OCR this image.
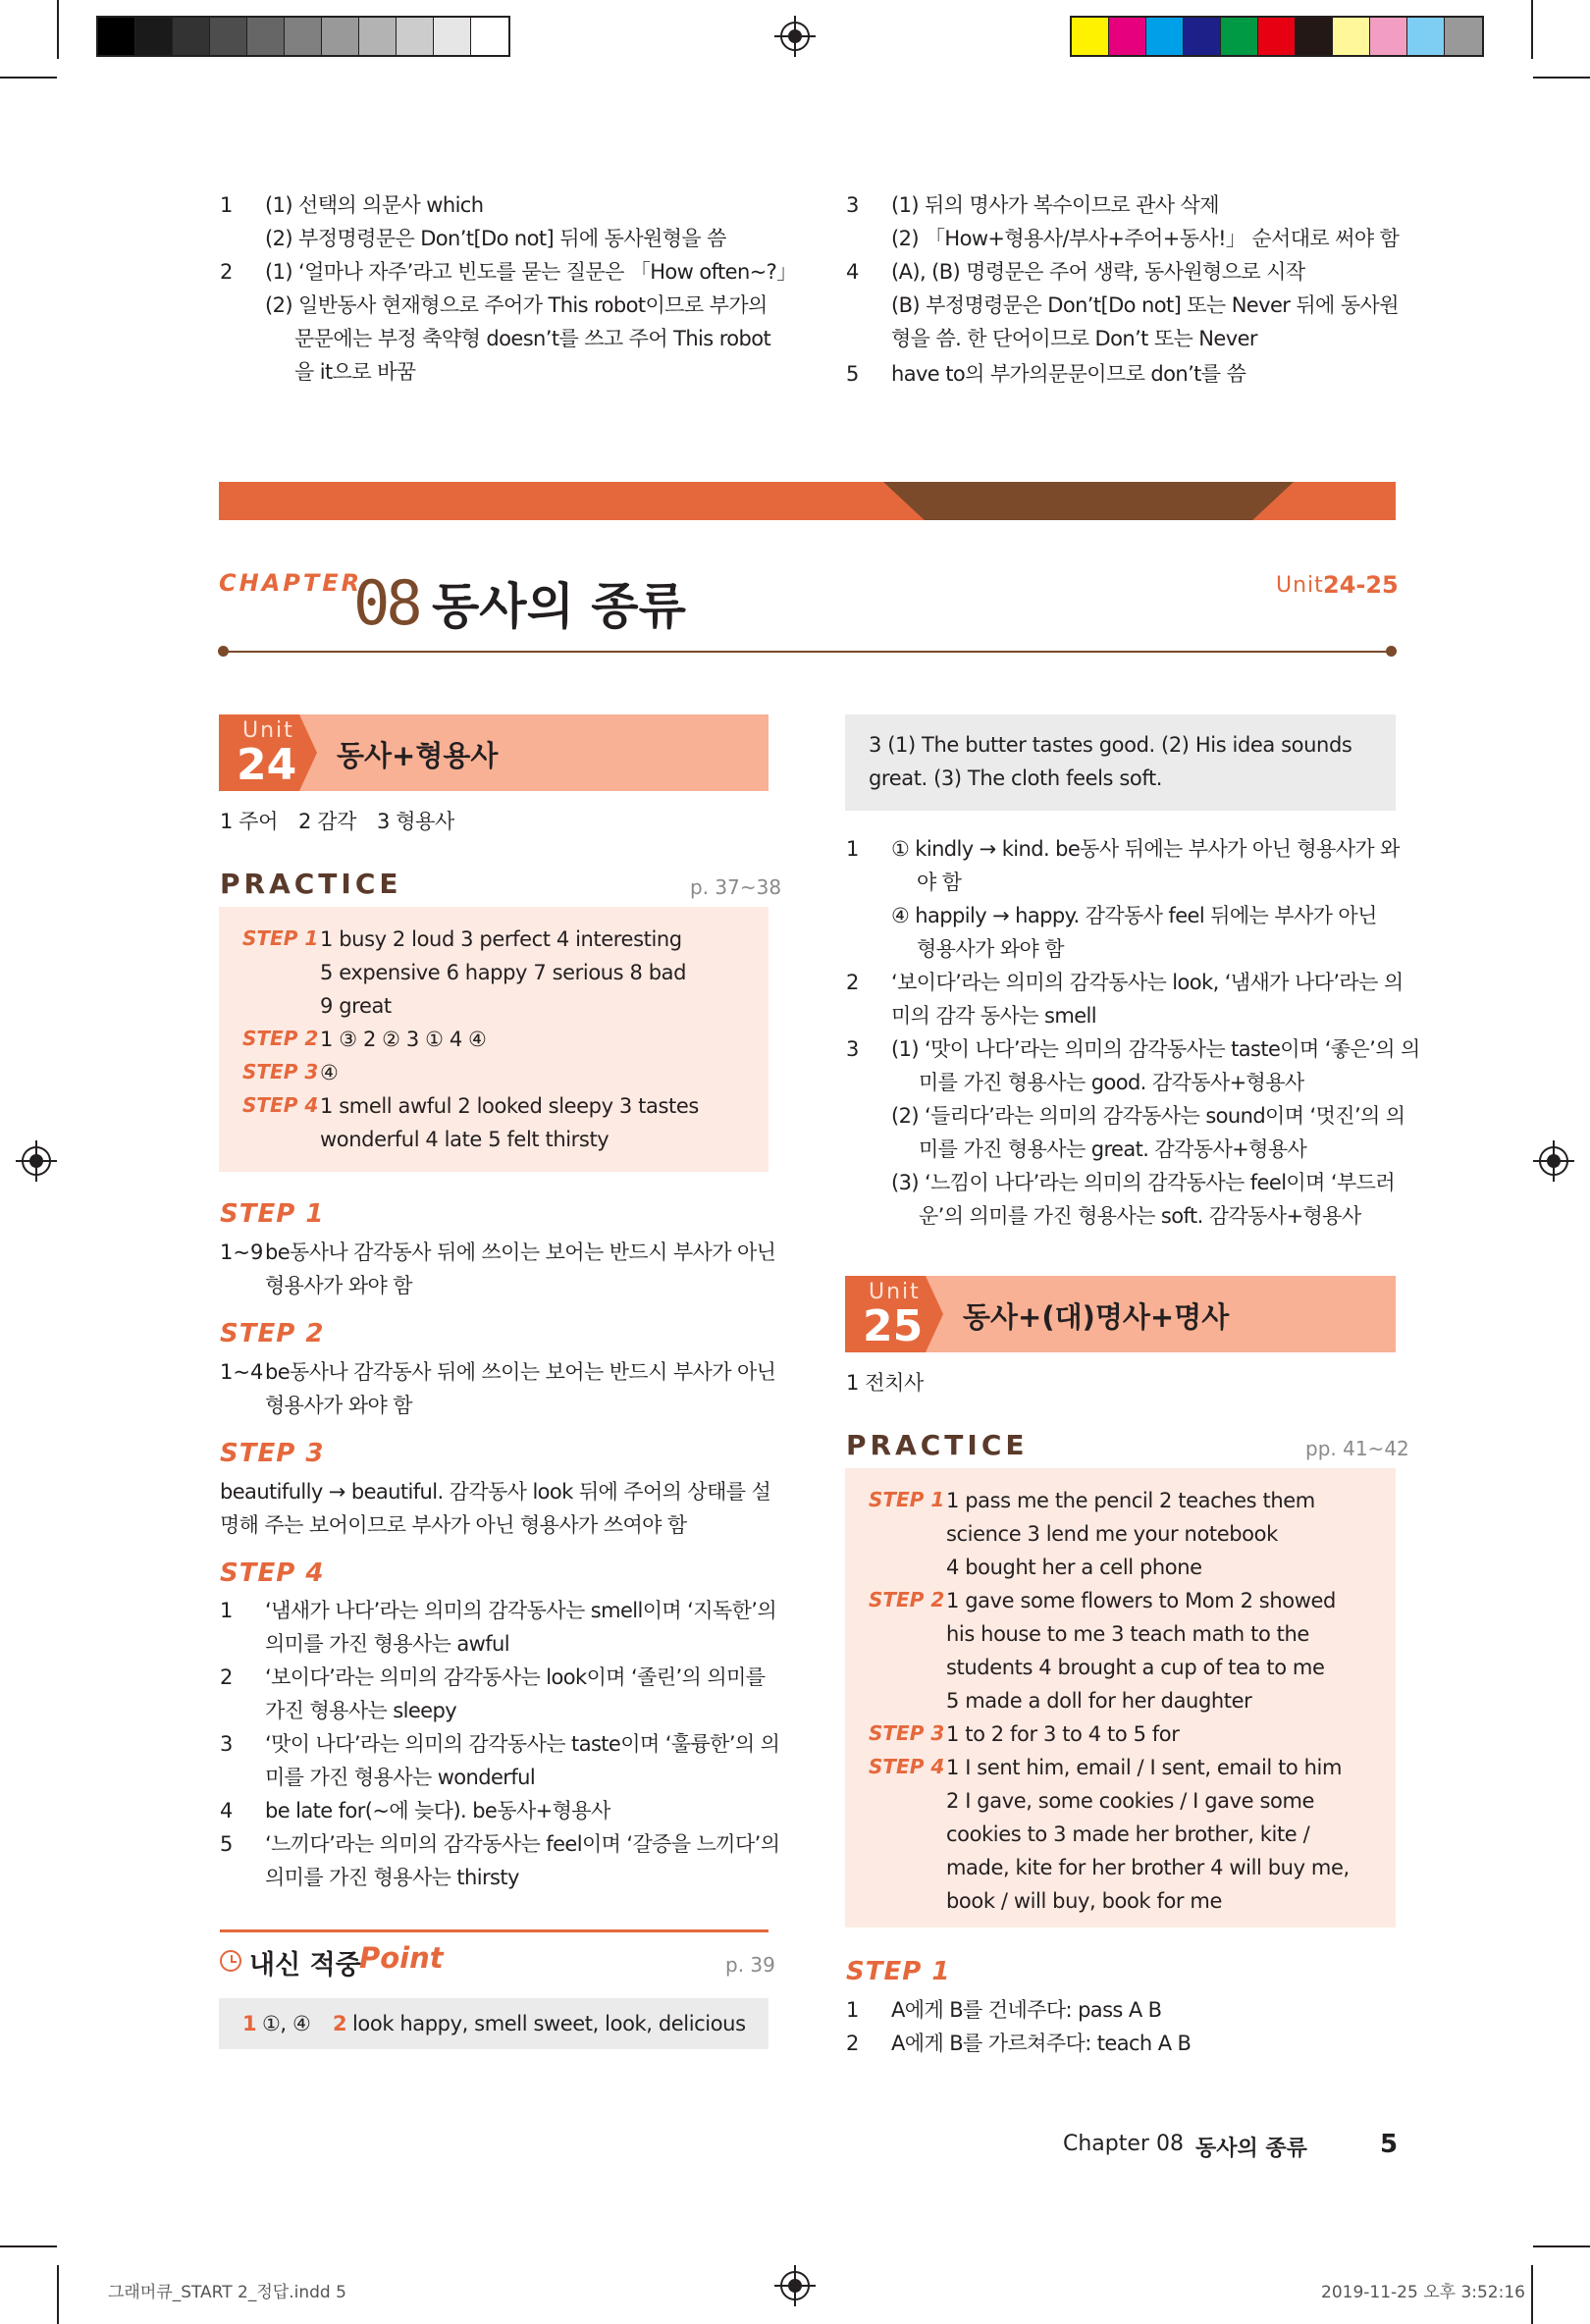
1 (1) 선택의 의문사 which
(2) 부정명령문은 Don’t[Do not] 뒤에 동사원형을 씀
2 (1) ‘얼마나 자주’라고 빈도를 묻는 질문은 「How often~?」
(2) 일반동사 현재형으로 주어가 This robot이므로 부가의
문문에는 부정 축약형 doesn’t를 쓰고 주어 This robot
을 it으로 바꿈
3 (1) 뒤의 명사가 복수이므로 관사 삭제
(2) 「How+형용사/부사+주어+동사!」 순서대로 써야 함
4 (A), (B) 명령문은 주어 생략, 동사원형으로 시작
(B) 부정명령문은 Don’t[Do not] 또는 Never 뒤에 동사원
형을 씀. 한 단어이므로 Don’t 또는 Never
5 have to의 부가의문문이므로 don’t를 씀
CHAPTER
08 동사의 종류	Unit 24-25
Unit
24 동사+형용사
1 주어 2 감각 3 형용사
PRACTICE	p. 37~38
STEP 1 1 busy 2 loud 3 perfect 4 interesting
5 expensive 6 happy 7 serious 8 bad
9 great
STEP 2 1 ③ 2 ② 3 ① 4 ④
STEP 3 ④
STEP 4 1 smell awful 2 looked sleepy 3 tastes
wonderful 4 late 5 felt thirsty
STEP 1
1~9 be동사나 감각동사 뒤에 쓰이는 보어는 반드시 부사가 아닌
형용사가 와야 함
STEP 2
1~4 be동사나 감각동사 뒤에 쓰이는 보어는 반드시 부사가 아닌
형용사가 와야 함
STEP 3
beautifully → beautiful. 감각동사 look 뒤에 주어의 상태를 설
명해 주는 보어이므로 부사가 아닌 형용사가 쓰여야 함
STEP 4
1 ‘냄새가 나다’라는 의미의 감각동사는 smell이며 ‘지독한’의
의미를 가진 형용사는 awful
2 ‘보이다’라는 의미의 감각동사는 look이며 ‘졸린’의 의미를
가진 형용사는 sleepy
3 ‘맛이 나다’라는 의미의 감각동사는 taste이며 ‘훌륭한’의 의
미를 가진 형용사는 wonderful
4 be late for(~에 늦다). be동사+형용사
5 ‘느끼다’라는 의미의 감각동사는 feel이며 ‘갈증을 느끼다’의
의미를 가진 형용사는 thirsty
내신 적중
Point	p. 39
1 ①, ④ 2 look happy, smell sweet, look, delicious
3 (1) The butter tastes good. (2) His idea sounds
great. (3) The cloth feels soft.
1 ① kindly → kind. be동사 뒤에는 부사가 아닌 형용사가 와
야 함
④ happily → happy. 감각동사 feel 뒤에는 부사가 아닌
형용사가 와야 함
2 ‘보이다’라는 의미의 감각동사는 look, ‘냄새가 나다’라는 의
미의 감각 동사는 smell
3 (1) ‘맛이 나다’라는 의미의 감각동사는 taste이며 ‘좋은’의 의
미를 가진 형용사는 good. 감각동사+형용사
(2) ‘들리다’라는 의미의 감각동사는 sound이며 ‘멋진’의 의
미를 가진 형용사는 great. 감각동사+형용사
(3) ‘느낌이 나다’라는 의미의 감각동사는 feel이며 ‘부드러
운’의 의미를 가진 형용사는 soft. 감각동사+형용사
Unit
25 동사+(대)명사+명사
1 전치사
PRACTICE	pp. 41~42
STEP 1 1 pass me the pencil 2 teaches them
science 3 lend me your notebook
4 bought her a cell phone
STEP 2 1 gave some flowers to Mom 2 showed
his house to me 3 teach math to the
students 4 brought a cup of tea to me
5 made a doll for her daughter
STEP 3 1 to 2 for 3 to 4 to 5 for
STEP 4 1 I sent him, email / I sent, email to him
2 I gave, some cookies / I gave some
cookies to 3 made her brother, kite /
made, kite for her brother 4 will buy me,
book / will buy, book for me
STEP 1
1 A에게 B를 건네주다: pass A B
2 A에게 B를 가르쳐주다: teach A B
Chapter 08 동사의 종류	5
그래머큐_START 2_정답.indd 5	2019-11-25 오후 3:52:16
